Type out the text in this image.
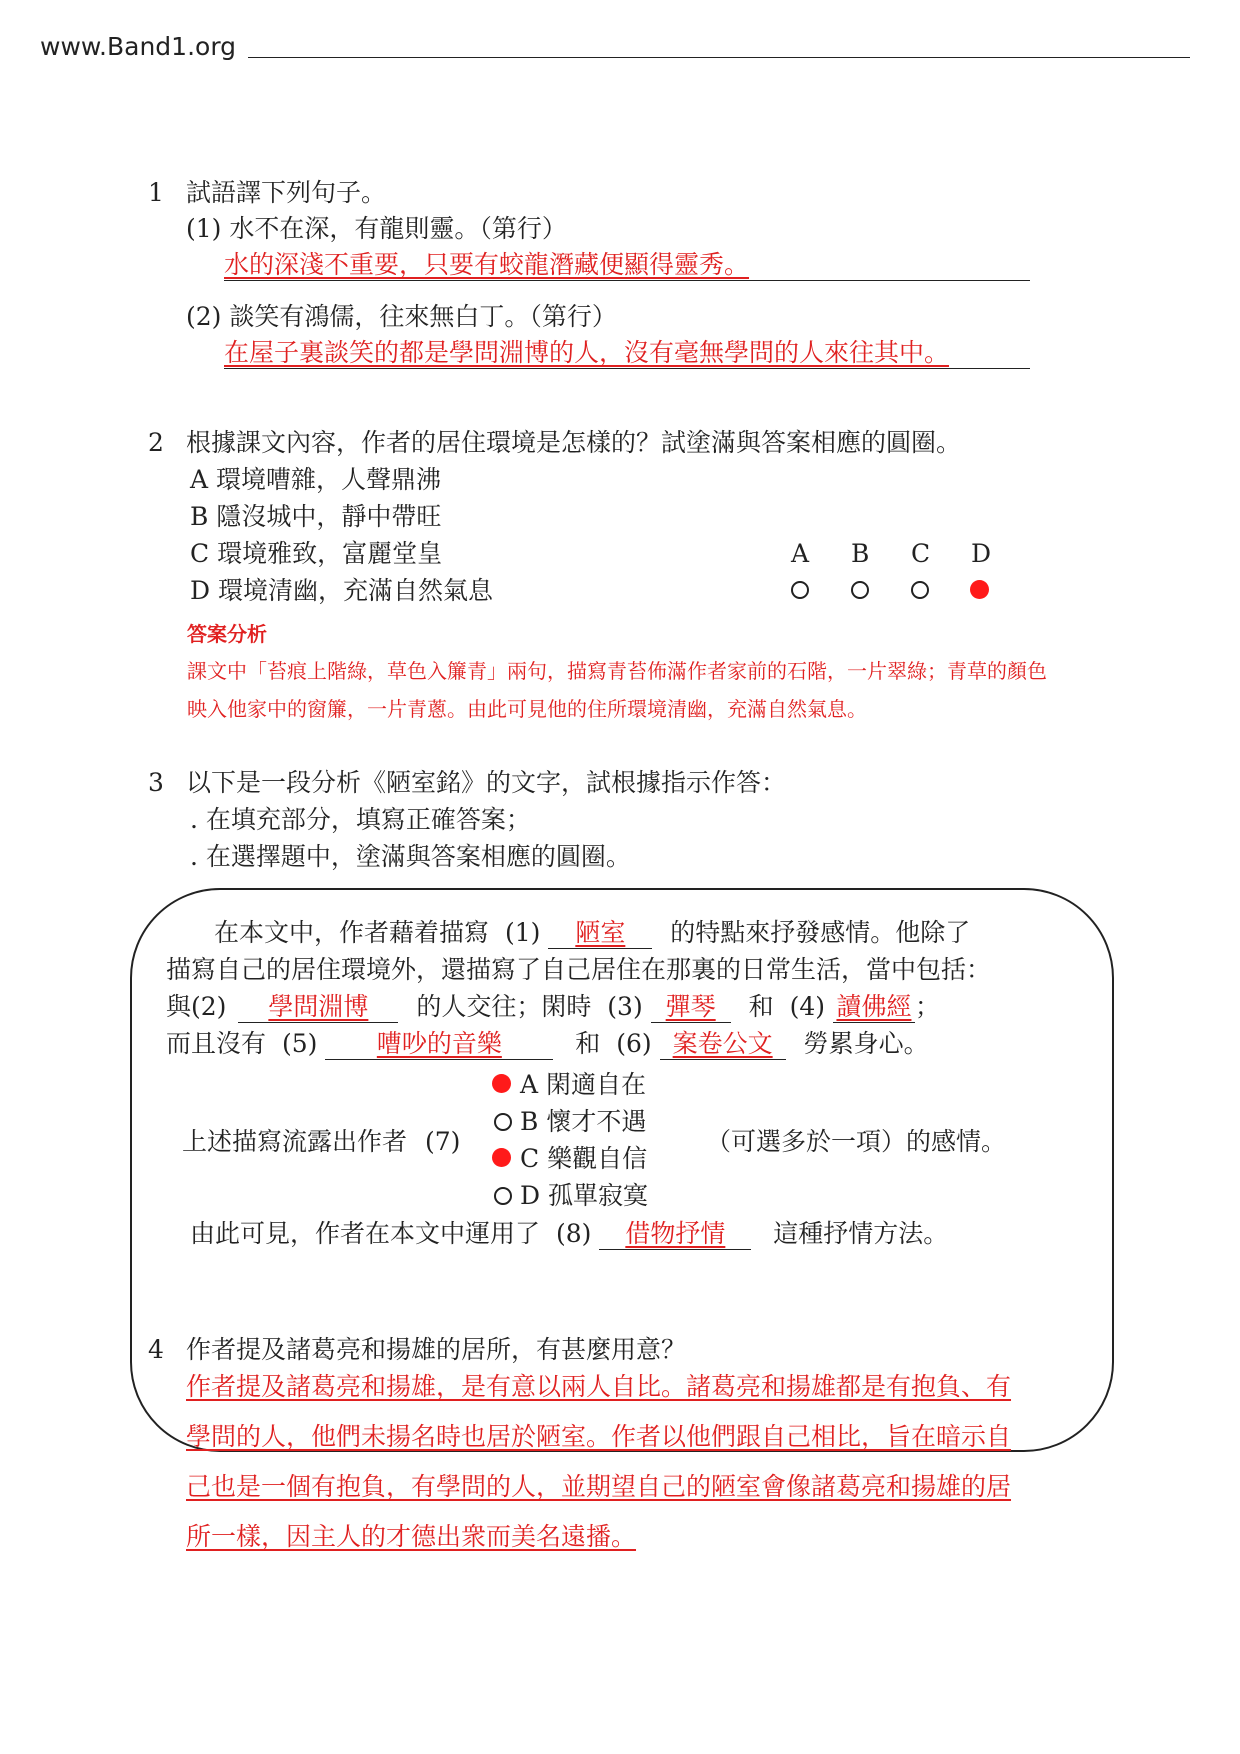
www.Band1.org
1 試語譯下列句子。
(1) 水不在深，有龍則靈。（第行）
水的深淺不重要，只要有蛟龍潛藏便顯得靈秀。
(2) 談笑有鴻儒，往來無白丁。（第行）
在屋子裏談笑的都是學問淵博的人，沒有毫無學問的人來往其中。
2 根據課文內容，作者的居住環境是怎樣的？試塗滿與答案相應的圓圈。
A 環境嘈雜，人聲鼎沸
B 隱沒城中，靜中帶旺
C 環境雅致，富麗堂皇
D 環境清幽，充滿自然氣息
A B C D
答案分析
課文中「苔痕上階綠，草色入簾青」兩句，描寫青苔佈滿作者家前的石階，一片翠綠；青草的顏色
映入他家中的窗簾，一片青蔥。由此可見他的住所環境清幽，充滿自然氣息。
3 以下是一段分析《陋室銘》的文字，試根據指示作答：
. 在填充部分，填寫正確答案；
. 在選擇題中，塗滿與答案相應的圓圈。
在本文中，作者藉着描寫 (1) 陋室 的特點來抒發感情。他除了
描寫自己的居住環境外，還描寫了自己居住在那裏的日常生活，當中包括：
與(2) 學問淵博 的人交往；閑時 (3) 彈琴 和 (4) 讀佛經 ；
而且沒有 (5) 嘈吵的音樂	和 (6) 案卷公文 勞累身心。
上述描寫流露出作者 (7)
A 閑適自在
B 懷才不遇
C 樂觀自信
D 孤單寂寞
（可選多於一項）的感情。
由此可見，作者在本文中運用了 (8) 借物抒情 這種抒情方法。
4 作者提及諸葛亮和揚雄的居所，有甚麼用意？
作者提及諸葛亮和揚雄，是有意以兩人自比。諸葛亮和揚雄都是有抱負、有
學問的人，他們未揚名時也居於陋室。作者以他們跟自己相比，旨在暗示自
己也是一個有抱負，有學問的人，並期望自己的陋室會像諸葛亮和揚雄的居
所一樣，因主人的才德出衆而美名遠播。
